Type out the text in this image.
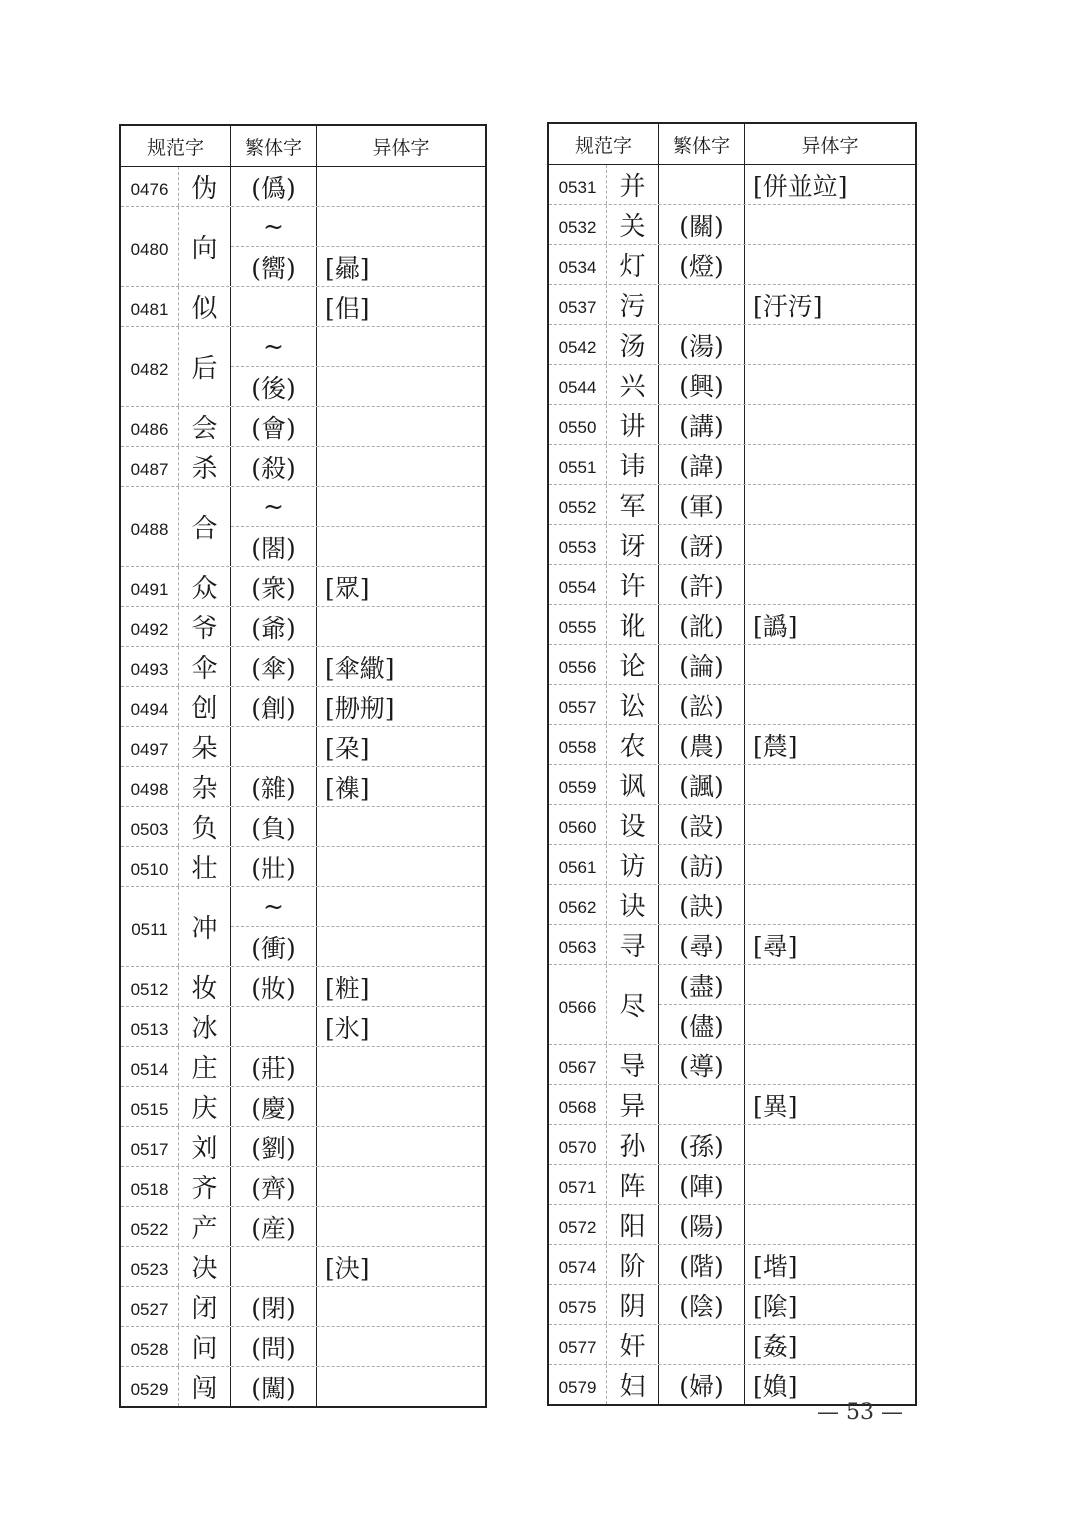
规范字	繁体字	异体字
0476 伪	(僞)
0480 向
~
(嚮)	[曏]
0481 似	[佀]
0482 后
~
(後)
0486 会	(會)
0487 杀	(殺)
0488 合
~
(閤)
0491 众	(衆)	[眾]
0492 爷	(爺)
0493 伞	(傘)	[傘繖]
0494 创	(創)	[刱剏]
0497 朵	[朶]
0498 杂	(雜)	[襍]
0503 负	(負)
0510 壮	(壯)
0511 冲
~
(衝)
0512 妆	(妝)	[粧]
0513 冰	[氷]
0514 庄	(莊)
0515 庆	(慶)
0517 刘	(劉)
0518 齐	(齊)
0522 产	(産)
0523 决	[決]
0527 闭	(閉)
0528 问	(問)
0529 闯	(闖)
规范字	繁体字	异体字
0531 并	[併並竝]
0532 关	(關)
0534 灯	(燈)
0537 污	[汙汚]
0542 汤	(湯)
0544 兴	(興)
0550 讲	(講)
0551 讳	(諱)
0552 军	(軍)
0553 讶	(訝)
0554 许	(許)
0555 讹	(訛)	[譌]
0556 论	(論)
0557 讼	(訟)
0558 农	(農)	[辳]
0559 讽	(諷)
0560 设	(設)
0561 访	(訪)
0562 诀	(訣)
0563 寻	(尋)	[尋]
0566 尽
(盡)
(儘)
0567 导	(導)
0568 异	[異]
0570 孙	(孫)
0571 阵	(陣)
0572 阳	(陽)
0574 阶	(階)	[堦]
0575 阴	(陰)	[隂]
0577 奸	[姦]
0579 妇	(婦)	[媍]
— 53 —
